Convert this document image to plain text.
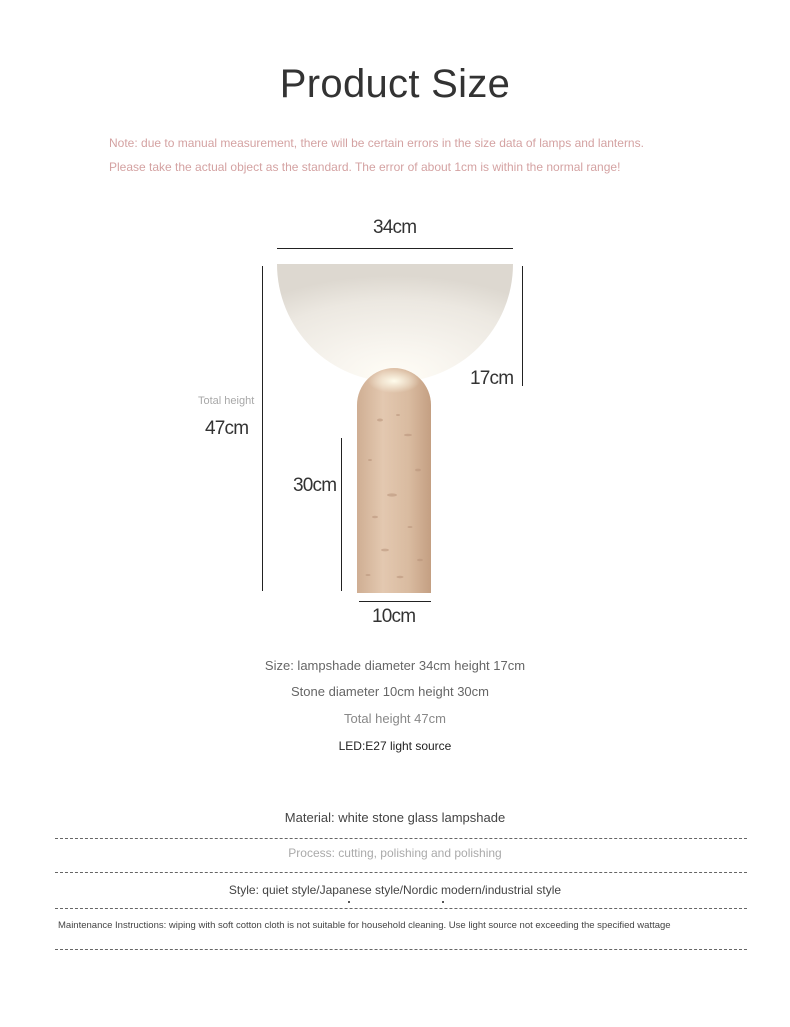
Product Size
Note: due to manual measurement, there will be certain errors in the size data of lamps and lanterns.
Please take the actual object as the standard. The error of about 1cm is within the normal range!
34cm
17cm
Total height
47cm
30cm
10cm
Size: lampshade diameter 34cm height 17cm
Stone diameter 10cm height 30cm
Total height 47cm
LED:E27 light source
Material: white stone glass lampshade
Process: cutting, polishing and polishing
Style: quiet style/Japanese style/Nordic modern/industrial style
Maintenance Instructions: wiping with soft cotton cloth is not suitable for household cleaning. Use light source not exceeding the specified wattage
